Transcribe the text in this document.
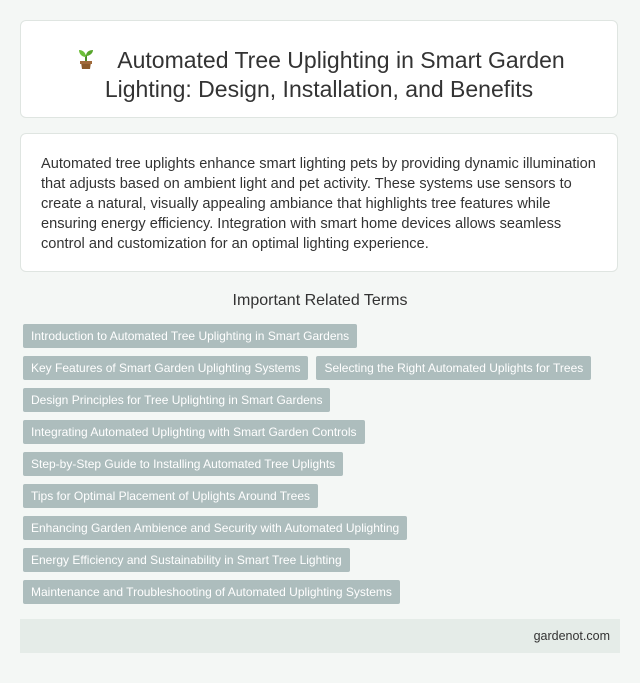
Automated Tree Uplighting in Smart Garden Lighting: Design, Installation, and Benefits

Automated tree uplights enhance smart lighting pets by providing dynamic illumination that adjusts based on ambient light and pet activity. These systems use sensors to create a natural, visually appealing ambiance that highlights tree features while ensuring energy efficiency. Integration with smart home devices allows seamless control and customization for an optimal lighting experience.

Important Related Terms
Introduction to Automated Tree Uplighting in Smart Gardens
Key Features of Smart Garden Uplighting Systems	Selecting the Right Automated Uplights for Trees
Design Principles for Tree Uplighting in Smart Gardens
Integrating Automated Uplighting with Smart Garden Controls
Step-by-Step Guide to Installing Automated Tree Uplights
Tips for Optimal Placement of Uplights Around Trees
Enhancing Garden Ambience and Security with Automated Uplighting
Energy Efficiency and Sustainability in Smart Tree Lighting
Maintenance and Troubleshooting of Automated Uplighting Systems
gardenot.com
